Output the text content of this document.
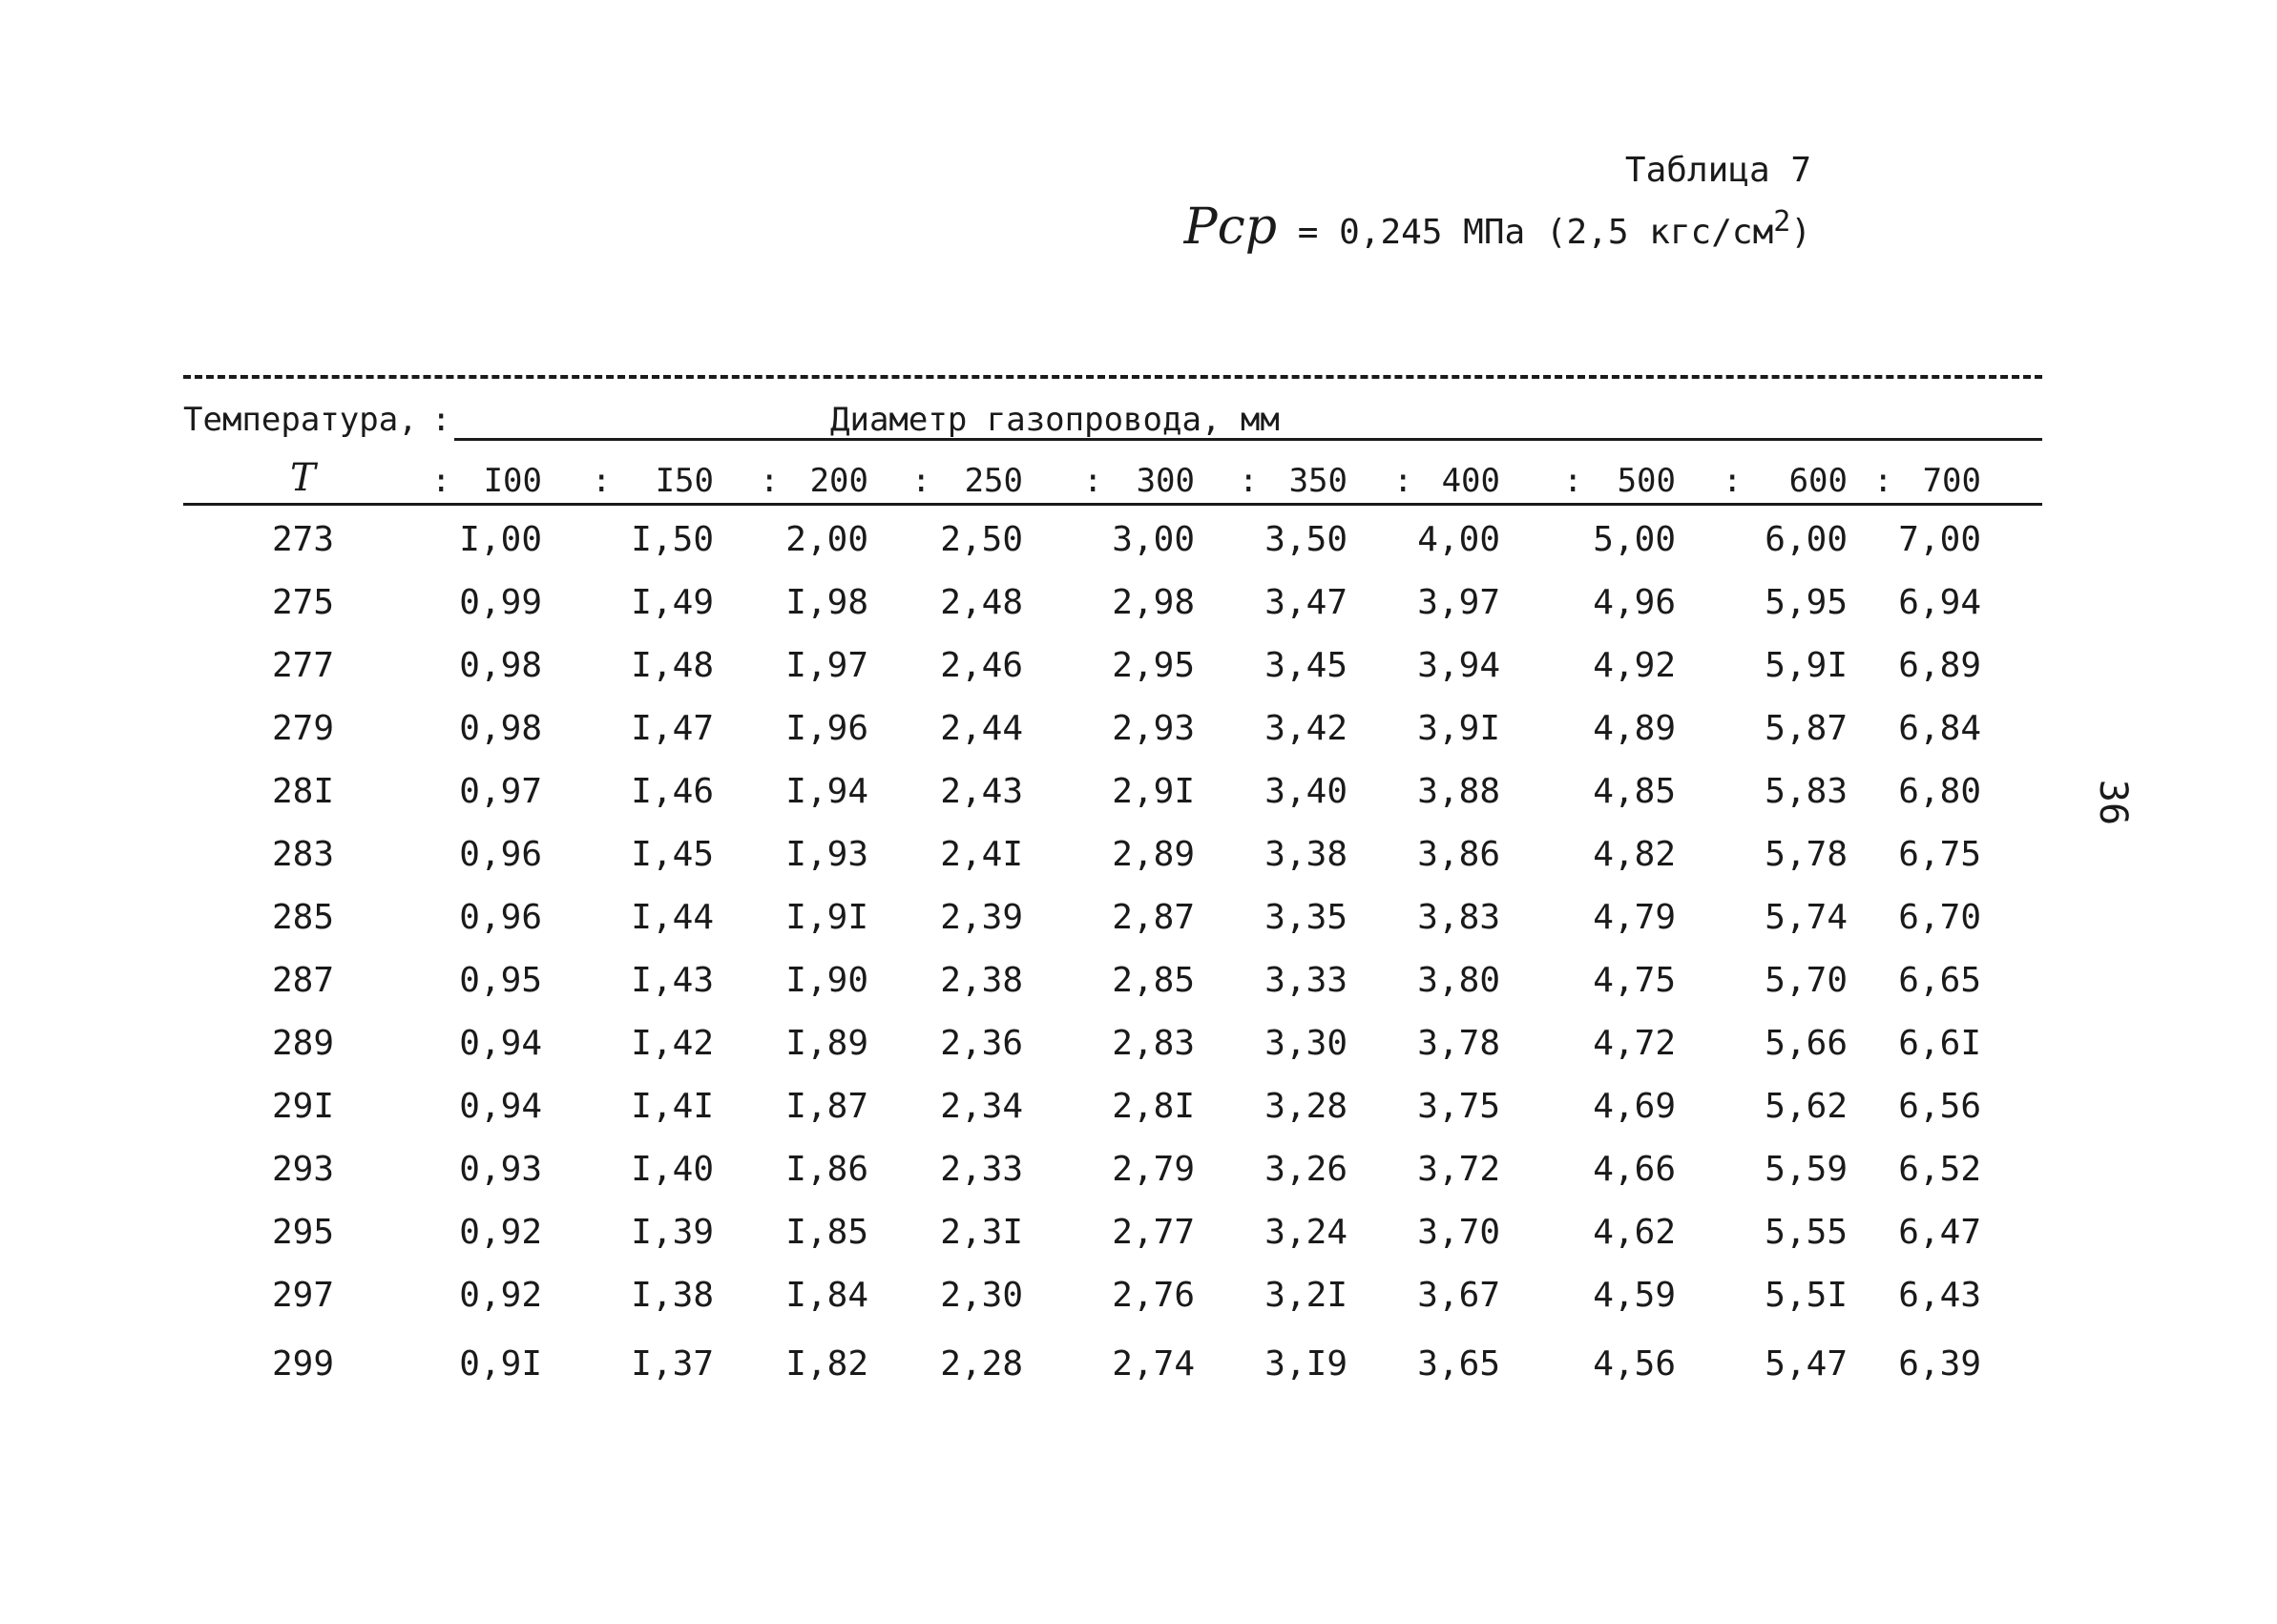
Таблица 7
Pcp = 0,245 МПа (2,5 кгс/$см^2$)
Температура, :	Диаметр газопровода, мм
T	:	I00 :	I50 : 200 :	250 :	300 : 350 : 400 :	500 :	600 : 700
273	I,00	I,50	2,00	2,50	3,00	3,50	4,00	5,00	6,00	7,00
275	0,99	I,49	I,98	2,48	2,98	3,47	3,97	4,96	5,95	6,94
277	0,98	I,48	I,97	2,46	2,95	3,45	3,94	4,92	5,9I	6,89
279	0,98	I,47	I,96	2,44	2,93	3,42	3,9I	4,89	5,87	6,84
28I	0,97	I,46	I,94	2,43	2,9I	3,40	3,88	4,85	5,83	6,80
283	0,96	I,45	I,93	2,4I	2,89	3,38	3,86	4,82	5,78	6,75
285	0,96	I,44	I,9I	2,39	2,87	3,35	3,83	4,79	5,74	6,70
287	0,95	I,43	I,90	2,38	2,85	3,33	3,80	4,75	5,70	6,65
289	0,94	I,42	I,89	2,36	2,83	3,30	3,78	4,72	5,66	6,6I
29I	0,94	I,4I	I,87	2,34	2,8I	3,28	3,75	4,69	5,62	6,56
293	0,93	I,40	I,86	2,33	2,79	3,26	3,72	4,66	5,59	6,52
295	0,92	I,39	I,85	2,3I	2,77	3,24	3,70	4,62	5,55	6,47
297	0,92	I,38	I,84	2,30	2,76	3,2I	3,67	4,59	5,5I	6,43
299	0,9I	I,37	I,82	2,28	2,74	3,I9	3,65	4,56	5,47	6,39
36
